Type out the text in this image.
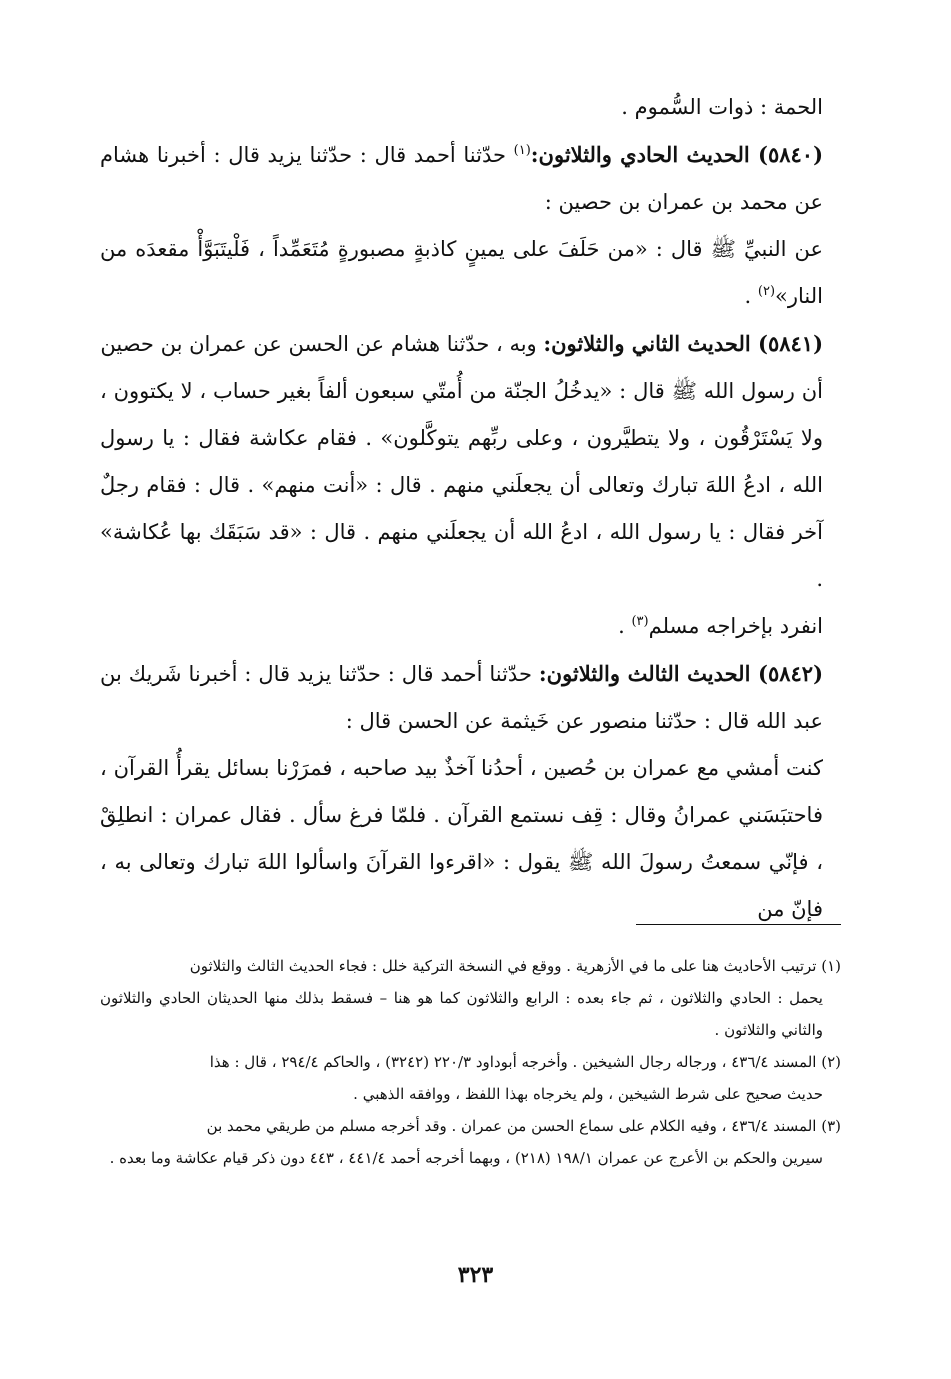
الحمة : ذوات السُّموم .

(٥٨٤٠) الحديث الحادي والثلاثون:$^{(١)}$ حدّثنا أحمد قال : حدّثنا يزيد قال : أخبرنا هشام عن محمد بن عمران بن حصين :

عن النبيِّ ﷺ قال : «من حَلَفَ على يمينٍ كاذبةٍ مصبورةٍ مُتَعَمِّداً ، فَلْيتَبَوَّأْ مقعدَه من النار»$^{(٢)}$ .

(٥٨٤١) الحديث الثاني والثلاثون: وبه ، حدّثنا هشام عن الحسن عن عمران بن حصين

أن رسول الله ﷺ قال : «يدخُلُ الجنّة من أُمتّي سبعون ألفاً بغير حساب ، لا يكتوون ، ولا يَسْتَرْقُون ، ولا يتطيَّرون ، وعلى ربِّهم يتوكَّلون» . فقام عكاشة فقال : يا رسول الله ، ادعُ اللهَ تبارك وتعالى أن يجعلَني منهم . قال : «أنت منهم» . قال : فقام رجلٌ آخر فقال : يا رسول الله ، ادعُ الله أن يجعلَني منهم . قال : «قد سَبَقَك بها عُكاشة» .

انفرد بإخراجه مسلم$^{(٣)}$ .

(٥٨٤٢) الحديث الثالث والثلاثون: حدّثنا أحمد قال : حدّثنا يزيد قال : أخبرنا شَريك بن عبد الله قال : حدّثنا منصور عن خَيثمة عن الحسن قال :

كنت أمشي مع عمران بن حُصين ، أحدُنا آخذٌ بيد صاحبه ، فمرَرْنا بسائل يقرأُ القرآن ، فاحتبَسَني عمرانُ وقال : قِف نستمع القرآن . فلمّا فرغ سأل . فقال عمران : انطلِقْ ، فإنّي سمعتُ رسولَ الله ﷺ يقول : «اقرءوا القرآنَ واسألوا اللهَ تبارك وتعالى به ، فإنّ من

(١) ترتيب الأحاديث هنا على ما في الأزهرية . ووقع في النسخة التركية خلل : فجاء الحديث الثالث والثلاثون

يحمل : الحادي والثلاثون ، ثم جاء بعده : الرابع والثلاثون كما هو هنا – فسقط بذلك منها الحديثان الحادي والثلاثون والثاني والثلاثون .

(٢) المسند ٤٣٦/٤ ، ورجاله رجال الشيخين . وأخرجه أبوداود ٢٢٠/٣ (٣٢٤٢) ، والحاكم ٢٩٤/٤ ، قال : هذا

حديث صحيح على شرط الشيخين ، ولم يخرجاه بهذا اللفظ ، ووافقه الذهبي .

(٣) المسند ٤٣٦/٤ ، وفيه الكلام على سماع الحسن من عمران . وقد أخرجه مسلم من طريقي محمد بن

سيرين والحكم بن الأعرج عن عمران ١٩٨/١ (٢١٨) ، وبهما أخرجه أحمد ٤٤١/٤ ، ٤٤٣ دون ذكر قيام عكاشة وما بعده .

٣٢٣
